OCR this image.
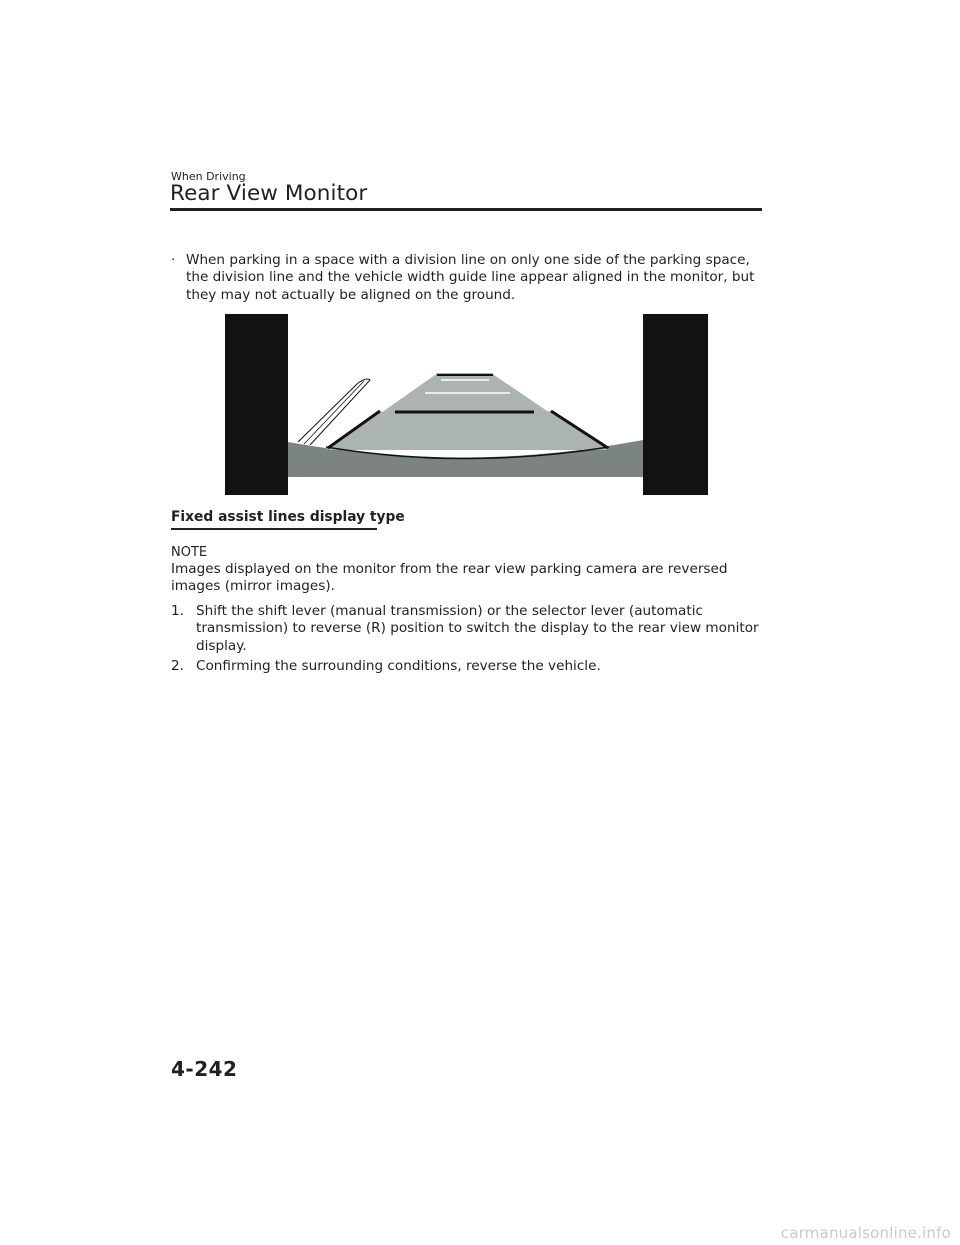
When Driving
Rear View Monitor
· When parking in a space with a division line on only one side of the parking space, the division line and the vehicle width guide line appear aligned in the monitor, but they may not actually be aligned on the ground.
Fixed assist lines display type
NOTE
Images displayed on the monitor from the rear view parking camera are reversed images (mirror images).
1. Shift the shift lever (manual transmission) or the selector lever (automatic transmission) to reverse (R) position to switch the display to the rear view monitor display.
2. Confirming the surrounding conditions, reverse the vehicle.
4-242
carmanualsonline.info
